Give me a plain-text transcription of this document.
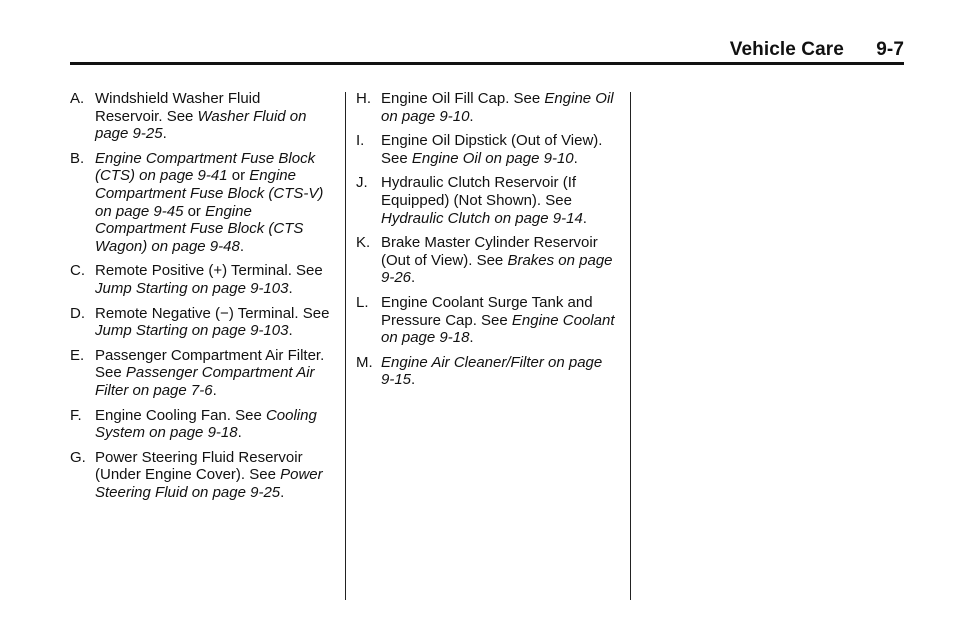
Vehicle Care 9-7
A. Windshield Washer Fluid Reservoir. See Washer Fluid on page 9-25.
B. Engine Compartment Fuse Block (CTS) on page 9-41 or Engine Compartment Fuse Block (CTS-V) on page 9-45 or Engine Compartment Fuse Block (CTS Wagon) on page 9-48.
C. Remote Positive (+) Terminal. See Jump Starting on page 9-103.
D. Remote Negative (−) Terminal. See Jump Starting on page 9-103.
E. Passenger Compartment Air Filter. See Passenger Compartment Air Filter on page 7-6.
F. Engine Cooling Fan. See Cooling System on page 9-18.
G. Power Steering Fluid Reservoir (Under Engine Cover). See Power Steering Fluid on page 9-25.
H. Engine Oil Fill Cap. See Engine Oil on page 9-10.
I. Engine Oil Dipstick (Out of View). See Engine Oil on page 9-10.
J. Hydraulic Clutch Reservoir (If Equipped) (Not Shown). See Hydraulic Clutch on page 9-14.
K. Brake Master Cylinder Reservoir (Out of View). See Brakes on page 9-26.
L. Engine Coolant Surge Tank and Pressure Cap. See Engine Coolant on page 9-18.
M. Engine Air Cleaner/Filter on page 9-15.
